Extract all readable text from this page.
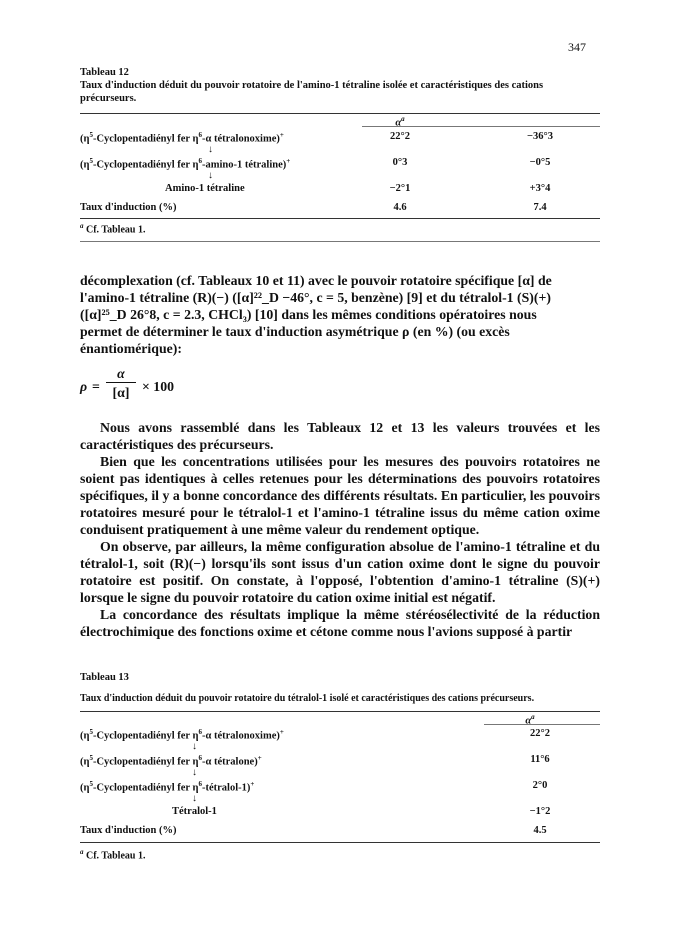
347
Tableau 12
Taux d'induction déduit du pouvoir rotatoire de l'amino-1 tétraline isolée et caractéristiques des cations
précurseurs.
$\alpha^a$
($\eta^5$-Cyclopentadiényl fer $\eta^6-\alpha$ tétralonoxime)+	22°2	−36°3
↓
($\eta^5$-Cyclopentadiényl fer $\eta^6-amino-1$ tétraline)+	0°3	−0°5
↓
Amino-1 tétraline	−2°1	+3°4
Taux d'induction (%)	4.6	7.4
$^a$ Cf. Tableau 1.

décomplexation (cf. Tableaux 10 et 11) avec le pouvoir rotatoire spécifique [α] de
l'amino-1 tétraline (R)(−) ([α]²²_D −46°, c = 5, benzène) [9] et du tétralol-1 (S)(+)
([α]²⁵_D 26°8, c = 2.3, CHCl₃) [10] dans les mêmes conditions opératoires nous
permet de déterminer le taux d'induction asymétrique ρ (en %) (ou excès
énantiomérique):

ρ =
α
[α] × 100

Nous avons rassemblé dans les Tableaux 12 et 13 les valeurs trouvées et les caractéristiques des précurseurs.

Bien que les concentrations utilisées pour les mesures des pouvoirs rotatoires ne soient pas identiques à celles retenues pour les déterminations des pouvoirs rotatoires spécifiques, il y a bonne concordance des différents résultats. En particulier, les pouvoirs rotatoires mesuré pour le tétralol-1 et l'amino-1 tétraline issus du même cation oxime conduisent pratiquement à une même valeur du rendement optique.

On observe, par ailleurs, la même configuration absolue de l'amino-1 tétraline et du tétralol-1, soit (R)(−) lorsqu'ils sont issus d'un cation oxime dont le signe du pouvoir rotatoire est positif. On constate, à l'opposé, l'obtention d'amino-1 tétraline (S)(+) lorsque le signe du pouvoir rotatoire du cation oxime initial est négatif.

La concordance des résultats implique la même stéréosélectivité de la réduction électrochimique des fonctions oxime et cétone comme nous l'avions supposé à partir

Tableau 13
Taux d'induction déduit du pouvoir rotatoire du tétralol-1 isolé et caractéristiques des cations précurseurs.
$\alpha^a$
($\eta^5$-Cyclopentadiényl fer $\eta^6-\alpha$ tétralonoxime)+	22°2
↓
($\eta^5$-Cyclopentadiényl fer $\eta^6-\alpha$ tétralone)+	11°6
↓
($\eta^5$-Cyclopentadiényl fer $\eta^6-tétralol-1)^+$	2°0
↓
Tétralol-1	−1°2
Taux d'induction (%)	4.5
$^a$ Cf. Tableau 1.
